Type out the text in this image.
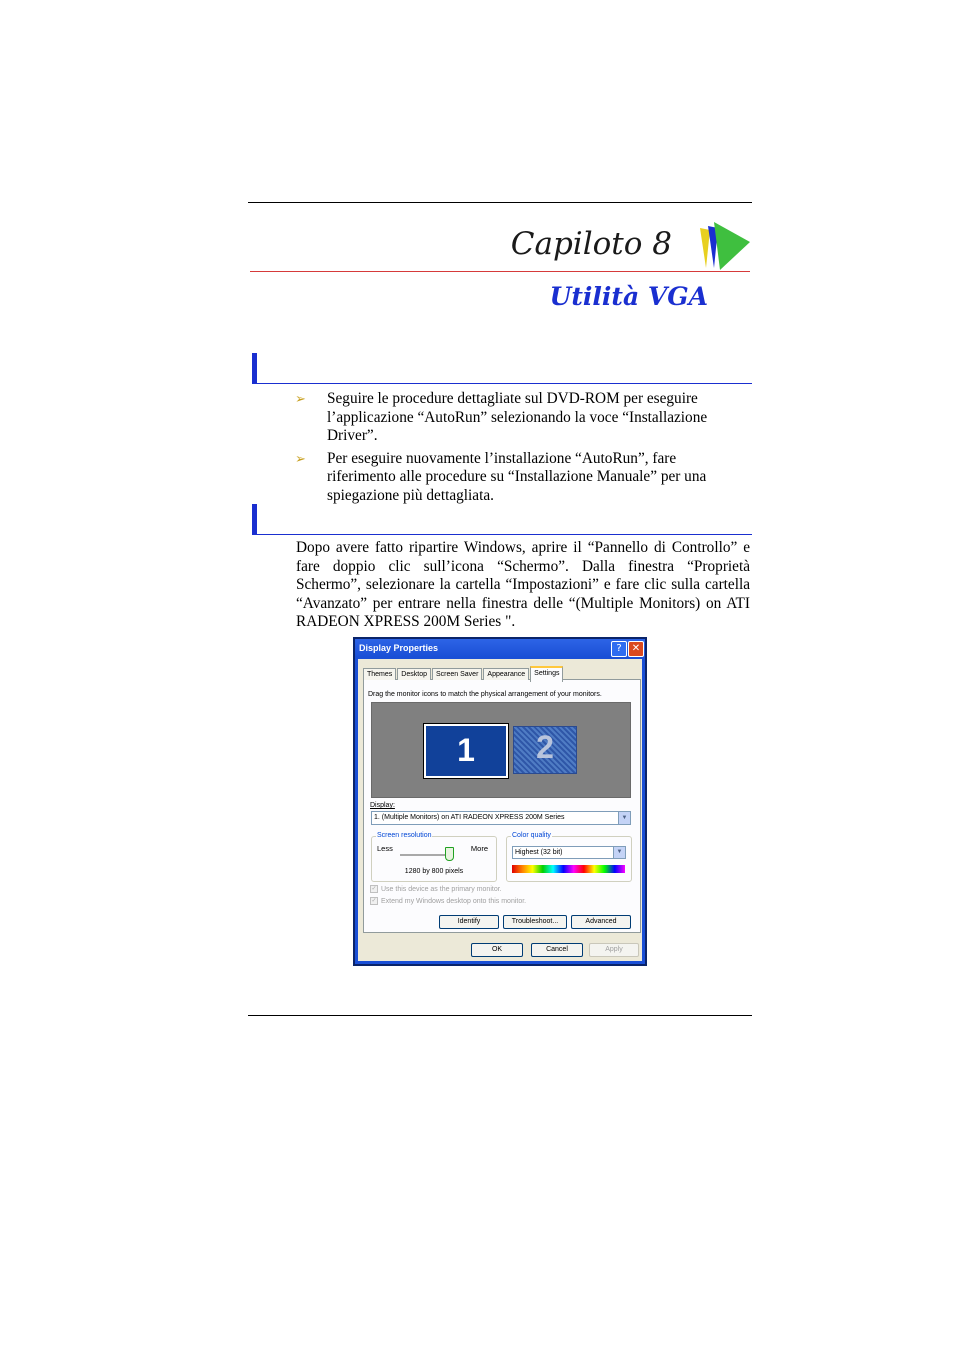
Capiloto 8
Utilità VGA
➢	Seguire le procedure dettagliate sul DVD-ROM per eseguire l’applicazione “AutoRun” selezionando la voce “Installazione Driver”.
➢	Per eseguire nuovamente l’installazione “AutoRun”, fare riferimento alle procedure su “Installazione Manuale” per una spiegazione più dettagliata.
Dopo avere fatto ripartire Windows, aprire il “Pannello di Controllo” e fare doppio clic sull’icona “Schermo”. Dalla finestra “Proprietà Schermo”, selezionare la cartella “Impostazioni” e fare clic sulla cartella “Avanzato” per entrare nella finestra delle “(Multiple Monitors) on ATI RADEON XPRESS 200M Series ".
Display Properties	?	✕
Themes	Desktop	Screen Saver	Appearance	Settings
Drag the monitor icons to match the physical arrangement of your monitors.
1	2
Display:
1. (Multiple Monitors) on ATI RADEON XPRESS 200M Series	▼
Screen resolution
Less	More
1280 by 800 pixels
Color quality
Highest (32 bit)	▼
✓ Use this device as the primary monitor.
✓ Extend my Windows desktop onto this monitor.
Identify	Troubleshoot...	Advanced
OK	Cancel	Apply
